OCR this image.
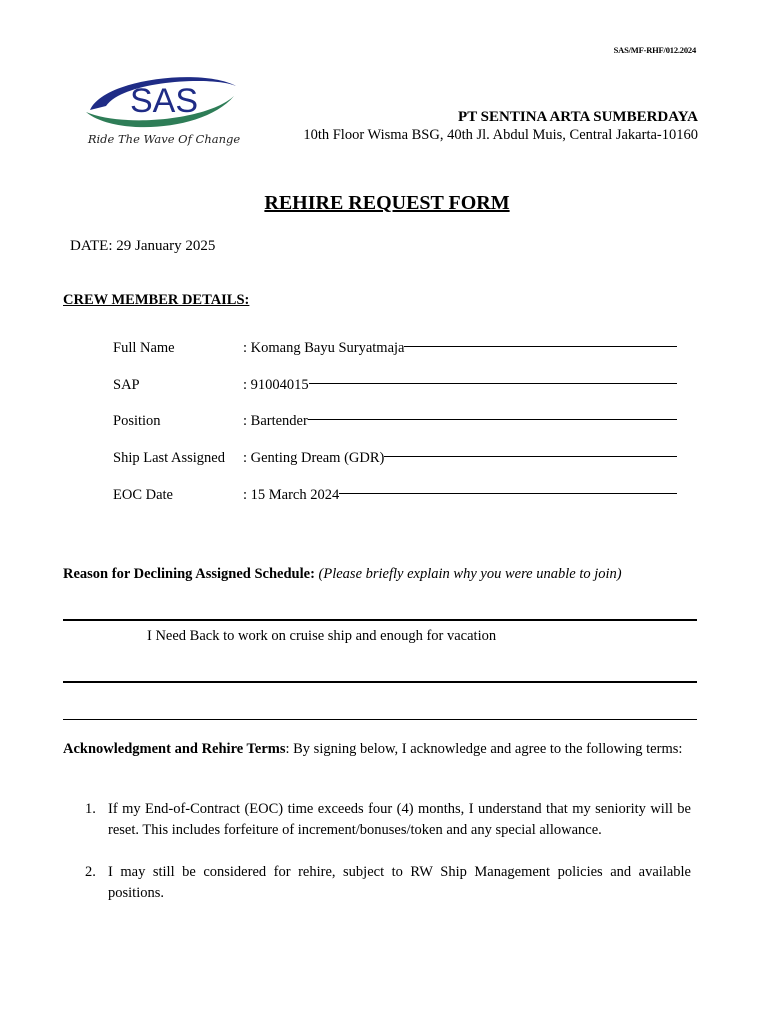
SAS/MF-RHF/012.2024
SAS
Ride The Wave Of Change
PT SENTINA ARTA SUMBERDAYA
10th Floor Wisma BSG, 40th Jl. Abdul Muis, Central Jakarta-10160
REHIRE REQUEST FORM
DATE: 29 January 2025
CREW MEMBER DETAILS:
Full Name	: Komang Bayu Suryatmaja
SAP	: 91004015
Position	: Bartender
Ship Last Assigned : Genting Dream (GDR)
EOC Date	: 15 March 2024
Reason for Declining Assigned Schedule: (Please briefly explain why you were unable to join)
I Need Back to work on cruise ship and enough for vacation
Acknowledgment and Rehire Terms: By signing below, I acknowledge and agree to the following terms:
1. If my End-of-Contract (EOC) time exceeds four (4) months, I understand that my seniority will be reset. This includes forfeiture of increment/bonuses/token and any special allowance.
2. I may still be considered for rehire, subject to RW Ship Management policies and available positions.
